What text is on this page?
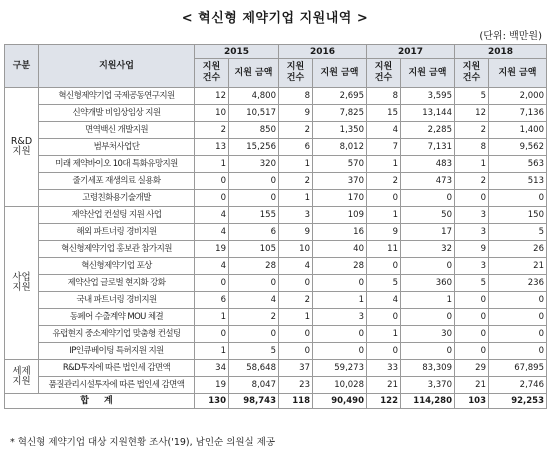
< 혁신형 제약기업 지원내역 >
(단위: 백만원)
구분	지원사업	2015		2016		2017		2018	
		지원 건수	지원 금액	지원 건수	지원 금액	지원 건수	지원 금액	지원 건수	지원 금액
R&D 지원	혁신형제약기업 국제공동연구지원	12	4,800	8	2,695	8	3,595	5	2,000
	신약개발 비임상임상 지원	10	10,517	9	7,825	15	13,144	12	7,136
	면역백신 개발지원	2	850	2	1,350	4	2,285	2	1,400
	범부처사업단	13	15,256	6	8,012	7	7,131	8	9,562
	미래 제약바이오 10대 특화유망지원	1	320	1	570	1	483	1	563
	줄기세포 재생의료 실용화	0	0	2	370	2	473	2	513
	고령친화용기술개발	0	0	1	170	0	0	0	0
사업 지원	제약산업 컨설팅 지원 사업	4	155	3	109	1	50	3	150
	해외 파트너링 경비지원	4	6	9	16	9	17	3	5
	혁신형제약기업 홍보관 참가지원	19	105	10	40	11	32	9	26
	혁신형제약기업 포상	4	28	4	28	0	0	3	21
	제약산업 글로벌 현지화 강화	0	0	0	0	5	360	5	236
	국내 파트너링 경비지원	6	4	2	1	4	1	0	0
	동페어 수출계약 MOU 체결	1	2	1	3	0	0	0	0
	유럽현지 중소제약기업 맞춤형 컨설팅	0	0	0	0	1	30	0	0
	IP인큐베이팅 특허지원 지원	1	5	0	0	0	0	0	0
세제 지원	R&D투자에 따른 법인세 감면액	34	58,648	37	59,273	33	83,309	29	67,895
	품질관리시설투자에 따른 법인세 감면액	19	8,047	23	10,028	21	3,370	21	2,746
합 계		130	98,743	118	90,490	122	114,280	103	92,253
* 혁신형 제약기업 대상 지원현황 조사('19), 남인순 의원실 제공
